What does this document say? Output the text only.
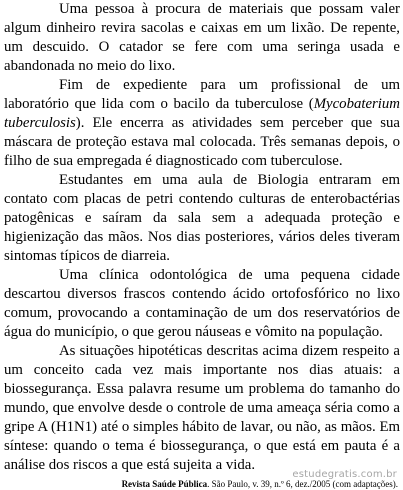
Uma pessoa à procura de materiais que possam valer algum dinheiro revira sacolas e caixas em um lixão. De repente, um descuido. O catador se fere com uma seringa usada e abandonada no meio do lixo.

Fim de expediente para um profissional de um laboratório que lida com o bacilo da tuberculose (Mycobaterium tuberculosis). Ele encerra as atividades sem perceber que sua máscara de proteção estava mal colocada. Três semanas depois, o filho de sua empregada é diagnosticado com tuberculose.

Estudantes em uma aula de Biologia entraram em contato com placas de petri contendo culturas de enterobactérias patogênicas e saíram da sala sem a adequada proteção e higienização das mãos. Nos dias posteriores, vários deles tiveram sintomas típicos de diarreia.

Uma clínica odontológica de uma pequena cidade descartou diversos frascos contendo ácido ortofosfórico no lixo comum, provocando a contaminação de um dos reservatórios de água do município, o que gerou náuseas e vômito na população.

As situações hipotéticas descritas acima dizem respeito a um conceito cada vez mais importante nos dias atuais: a biossegurança. Essa palavra resume um problema do tamanho do mundo, que envolve desde o controle de uma ameaça séria como a gripe A (H1N1) até o simples hábito de lavar, ou não, as mãos. Em síntese: quando o tema é biossegurança, o que está em pauta é a análise dos riscos a que está sujeita a vida.

Revista Saúde Pública. São Paulo, v. 39, n.º 6, dez./2005 (com adaptações).
estudegratis.com.br
